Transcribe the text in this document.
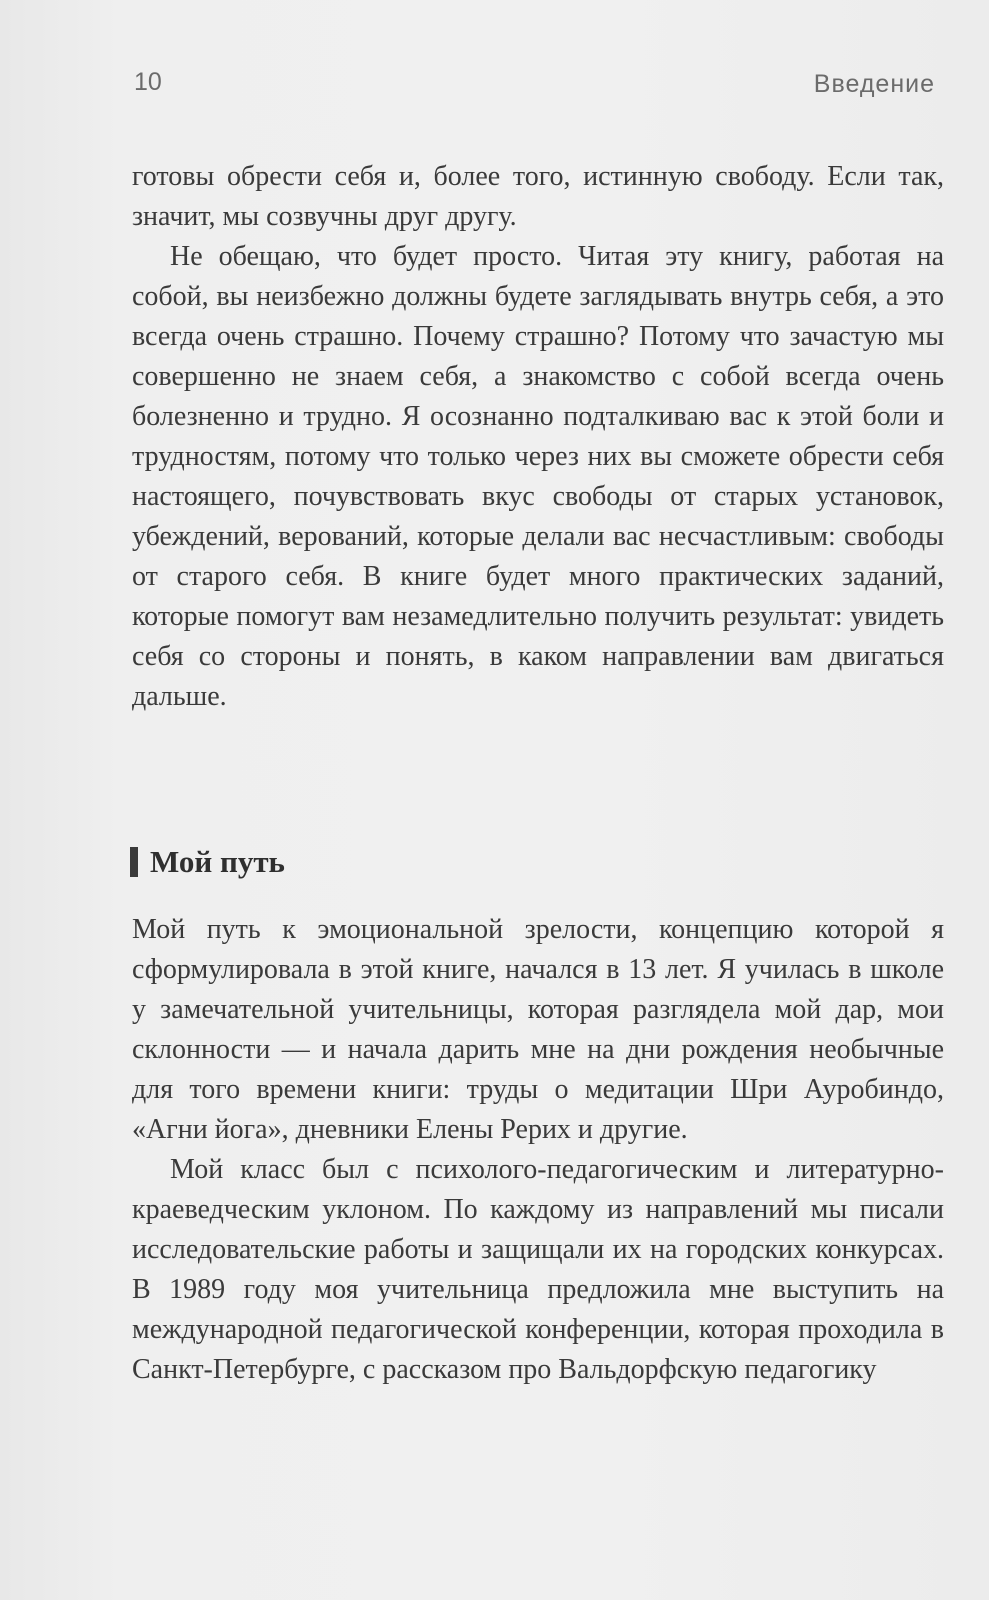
10	Введение

готовы обрести себя и, более того, истинную свободу. Если так, значит, мы созвучны друг другу.

Не обещаю, что будет просто. Читая эту книгу, работая на собой, вы неизбежно должны будете заглядывать внутрь себя, а это всегда очень страшно. Почему страшно? Потому что зачастую мы совершенно не знаем себя, а знакомство с собой всегда очень болезненно и трудно. Я осознанно подталкиваю вас к этой боли и трудностям, потому что только через них вы сможете обрести себя настоящего, почувствовать вкус свободы от старых установок, убеждений, верований, которые делали вас несчастливым: свободы от старого себя. В книге будет много практических заданий, которые помогут вам незамедлительно получить результат: увидеть себя со стороны и понять, в каком направлении вам двигаться дальше.

Мой путь

Мой путь к эмоциональной зрелости, концепцию которой я сформулировала в этой книге, начался в 13 лет. Я училась в школе у замечательной учительницы, которая разглядела мой дар, мои склонности — и начала дарить мне на дни рождения необычные для того времени книги: труды о медитации Шри Ауробиндо, «Агни йога», дневники Елены Рерих и другие.

Мой класс был с психолого-педагогическим и литературно-краеведческим уклоном. По каждому из направлений мы писали исследовательские работы и защищали их на городских конкурсах. В 1989 году моя учительница предложила мне выступить на международной педагогической конференции, которая проходила в Санкт-Петербурге, с рассказом про Вальдорфскую педагогику
